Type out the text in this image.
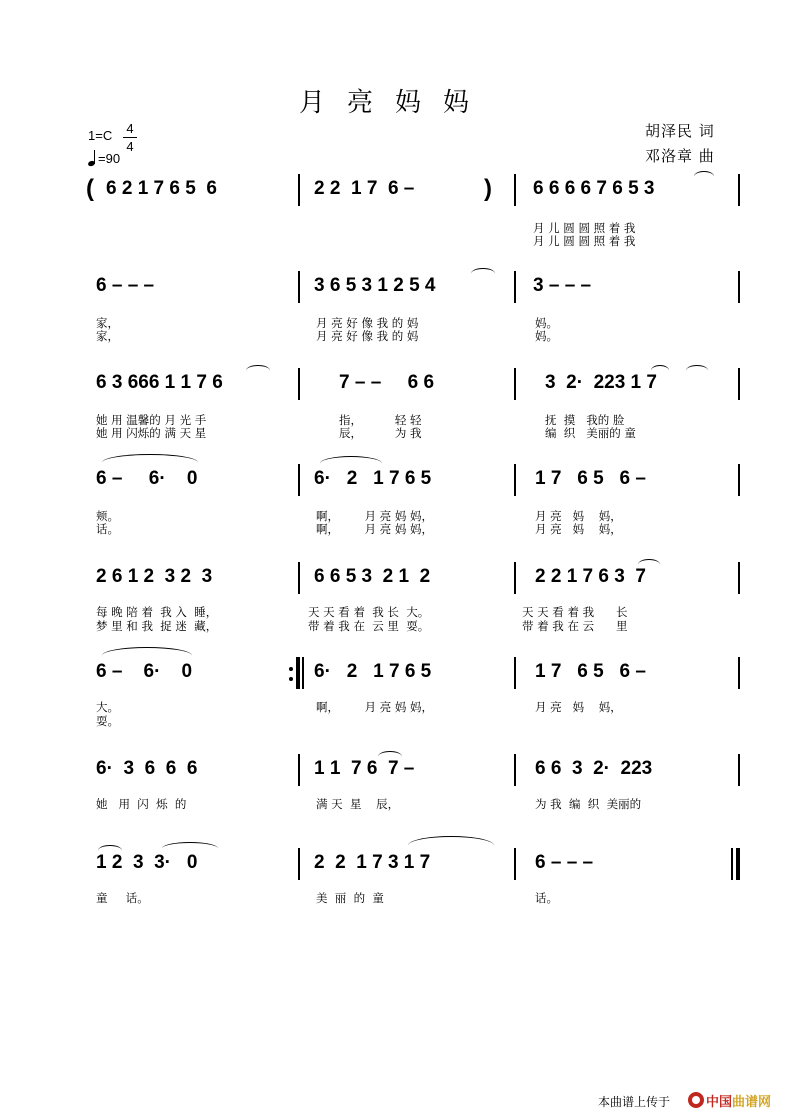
月亮妈妈
1=C 4
4
=90
胡泽民 词
邓洛章 曲
( 6 2 1 7 6 5  6	2 2  1 7  6 –	) 6 6 6 6 7 6 5 3
月 儿 圆 圆 照 着 我
月 儿 圆 圆 照 着 我
6 – – –	3 6 5 3 1 2 5 4	3 – – –
家，	月 亮 好 像 我 的 妈	妈。
家，	月 亮 好 像 我 的 妈	妈。
6 3 666 1 1 7 6	7 – –     6 6	3  2·  223 1 7
她 用 温馨的 月 光 手	指，         轻 轻	抚  摸   我的 脸
她 用 闪烁的 满 天 星	辰，         为 我	编  织   美丽的 童
6 –     6·    0	6·   2   1 7 6 5	1 7   6 5   6 –
颊。	啊，       月 亮 妈 妈，	月 亮   妈    妈，
话。	啊，       月 亮 妈 妈，	月 亮   妈    妈，
2 6 1 2  3 2  3	6 6 5 3  2 1  2	2 2 1 7 6 3  7
每 晚 陪 着  我 入  睡，	天 天 看 着  我 长  大。	天 天 看 着 我      长
梦 里 和 我  捉 迷  藏，	带 着 我 在  云 里  耍。	带 着 我 在 云      里
6 –    6·    0	6·   2   1 7 6 5	1 7   6 5   6 –
大。	啊，       月 亮 妈 妈，	月 亮   妈    妈，
耍。
6·  3  6  6  6	1 1  7 6  7 –	6 6  3  2·  223
她   用  闪  烁  的	满 天  星    辰，	为 我  编  织  美丽的
1 2  3  3·   0	2  2  1 7 3 1 7	6 – – –
童     话。	美  丽  的  童	话。
本曲谱上传于	中国曲谱网
